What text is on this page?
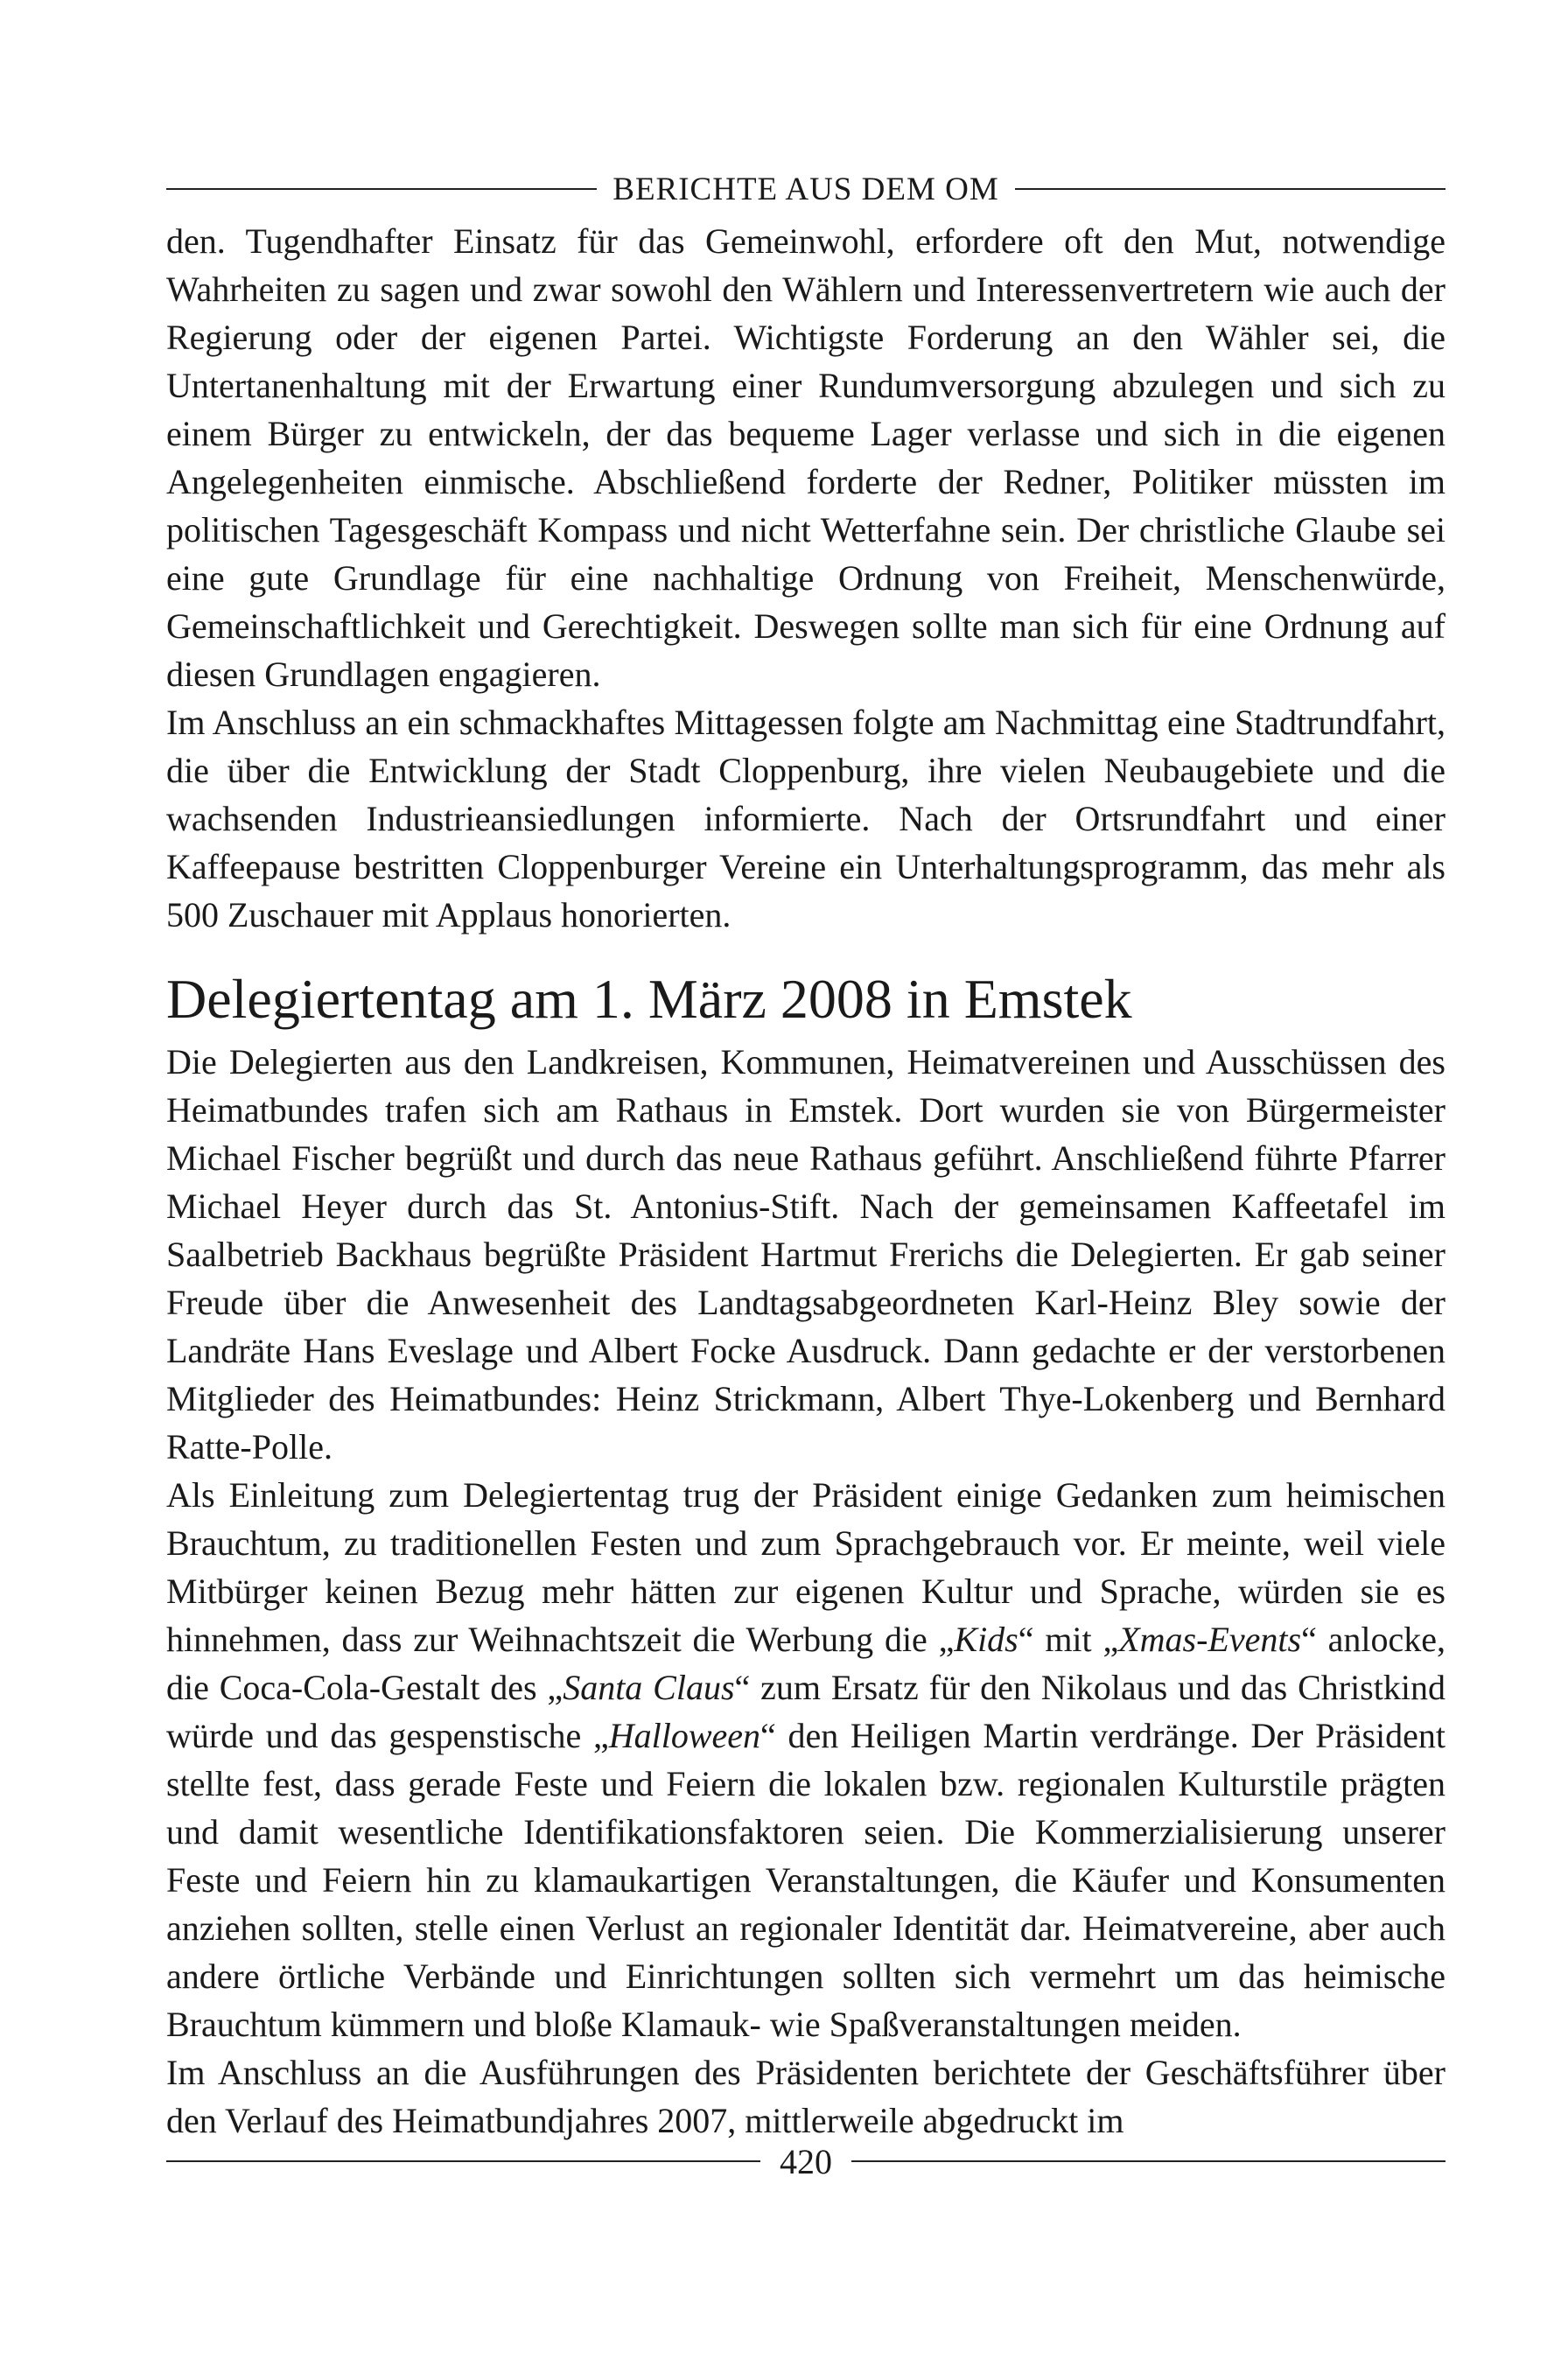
BERICHTE AUS DEM OM

den. Tugendhafter Einsatz für das Gemeinwohl, erfordere oft den Mut, notwendige Wahrheiten zu sagen und zwar sowohl den Wählern und Interessenvertretern wie auch der Regierung oder der eigenen Partei. Wichtigste Forderung an den Wähler sei, die Untertanenhaltung mit der Erwartung einer Rundumversorgung abzulegen und sich zu einem Bürger zu entwickeln, der das bequeme Lager verlasse und sich in die eigenen Angelegenheiten einmische. Abschließend forderte der Redner, Politiker müssten im politischen Tagesgeschäft Kompass und nicht Wetterfahne sein. Der christliche Glaube sei eine gute Grundlage für eine nachhaltige Ordnung von Freiheit, Menschenwürde, Gemeinschaftlichkeit und Gerechtigkeit. Deswegen sollte man sich für eine Ordnung auf diesen Grundlagen engagieren.

Im Anschluss an ein schmackhaftes Mittagessen folgte am Nachmittag eine Stadtrundfahrt, die über die Entwicklung der Stadt Cloppenburg, ihre vielen Neubaugebiete und die wachsenden Industrieansiedlungen informierte. Nach der Ortsrundfahrt und einer Kaffeepause bestritten Cloppenburger Vereine ein Unterhaltungsprogramm, das mehr als 500 Zuschauer mit Applaus honorierten.

Delegiertentag am 1. März 2008 in Emstek

Die Delegierten aus den Landkreisen, Kommunen, Heimatvereinen und Ausschüssen des Heimatbundes trafen sich am Rathaus in Emstek. Dort wurden sie von Bürgermeister Michael Fischer begrüßt und durch das neue Rathaus geführt. Anschließend führte Pfarrer Michael Heyer durch das St. Antonius-Stift. Nach der gemeinsamen Kaffeetafel im Saalbetrieb Backhaus begrüßte Präsident Hartmut Frerichs die Delegierten. Er gab seiner Freude über die Anwesenheit des Landtagsabgeordneten Karl-Heinz Bley sowie der Landräte Hans Eveslage und Albert Focke Ausdruck. Dann gedachte er der verstorbenen Mitglieder des Heimatbundes: Heinz Strickmann, Albert Thye-Lokenberg und Bernhard Ratte-Polle.

Als Einleitung zum Delegiertentag trug der Präsident einige Gedanken zum heimischen Brauchtum, zu traditionellen Festen und zum Sprachgebrauch vor. Er meinte, weil viele Mitbürger keinen Bezug mehr hätten zur eigenen Kultur und Sprache, würden sie es hinnehmen, dass zur Weihnachtszeit die Werbung die „Kids“ mit „Xmas-Events“ anlocke, die Coca-Cola-Gestalt des „Santa Claus“ zum Ersatz für den Nikolaus und das Christkind würde und das gespenstische „Halloween“ den Heiligen Martin verdränge. Der Präsident stellte fest, dass gerade Feste und Feiern die lokalen bzw. regionalen Kulturstile prägten und damit wesentliche Identifikationsfaktoren seien. Die Kommerzialisierung unserer Feste und Feiern hin zu klamaukartigen Veranstaltungen, die Käufer und Konsumenten anziehen sollten, stelle einen Verlust an regionaler Identität dar. Heimatvereine, aber auch andere örtliche Verbände und Einrichtungen sollten sich vermehrt um das heimische Brauchtum kümmern und bloße Klamauk- wie Spaßveranstaltungen meiden.

Im Anschluss an die Ausführungen des Präsidenten berichtete der Geschäftsführer über den Verlauf des Heimatbundjahres 2007, mittlerweile abgedruckt im

420
